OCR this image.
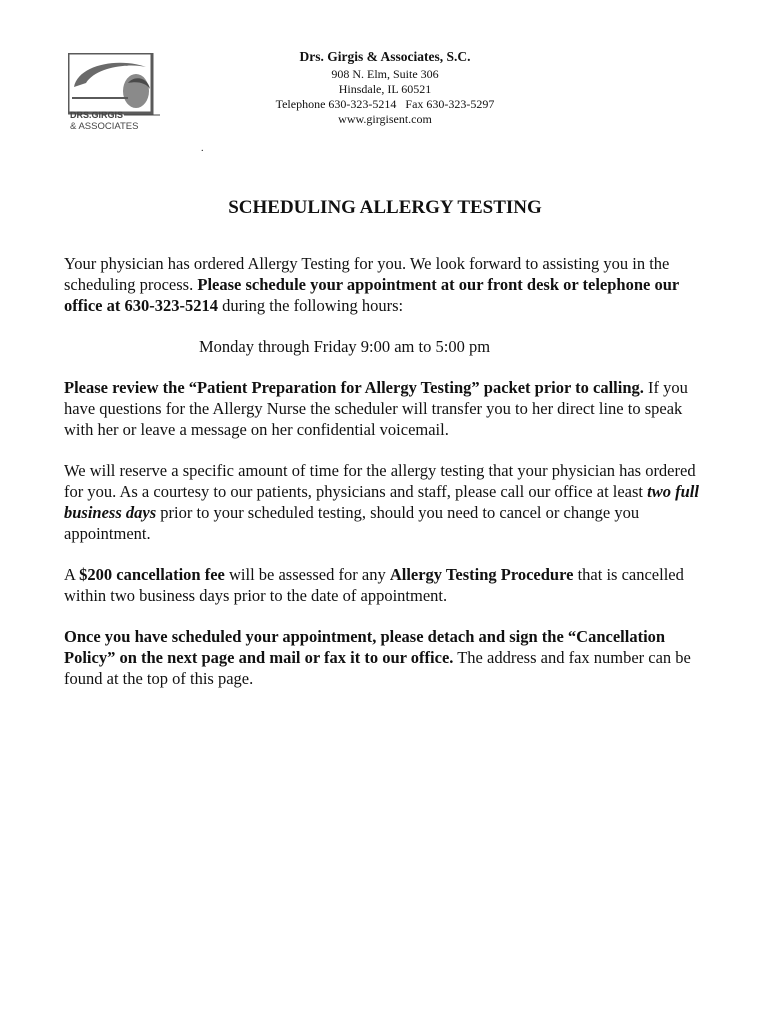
DRS.GIRGIS
& ASSOCIATES
Drs. Girgis & Associates, S.C.
908 N. Elm, Suite 306
Hinsdale, IL 60521
Telephone 630-323-5214   Fax 630-323-5297
www.girgisent.com
.
SCHEDULING ALLERGY TESTING

Your physician has ordered Allergy Testing for you. We look forward to assisting you in the scheduling process. Please schedule your appointment at our front desk or telephone our office at 630-323-5214 during the following hours:

Monday through Friday 9:00 am to 5:00 pm

Please review the “Patient Preparation for Allergy Testing” packet prior to calling. If you have questions for the Allergy Nurse the scheduler will transfer you to her direct line to speak with her or leave a message on her confidential voicemail.

We will reserve a specific amount of time for the allergy testing that your physician has ordered for you. As a courtesy to our patients, physicians and staff, please call our office at least two full business days prior to your scheduled testing, should you need to cancel or change you appointment.

A $200 cancellation fee will be assessed for any Allergy Testing Procedure that is cancelled within two business days prior to the date of appointment.

Once you have scheduled your appointment, please detach and sign the “Cancellation Policy” on the next page and mail or fax it to our office. The address and fax number can be found at the top of this page.
